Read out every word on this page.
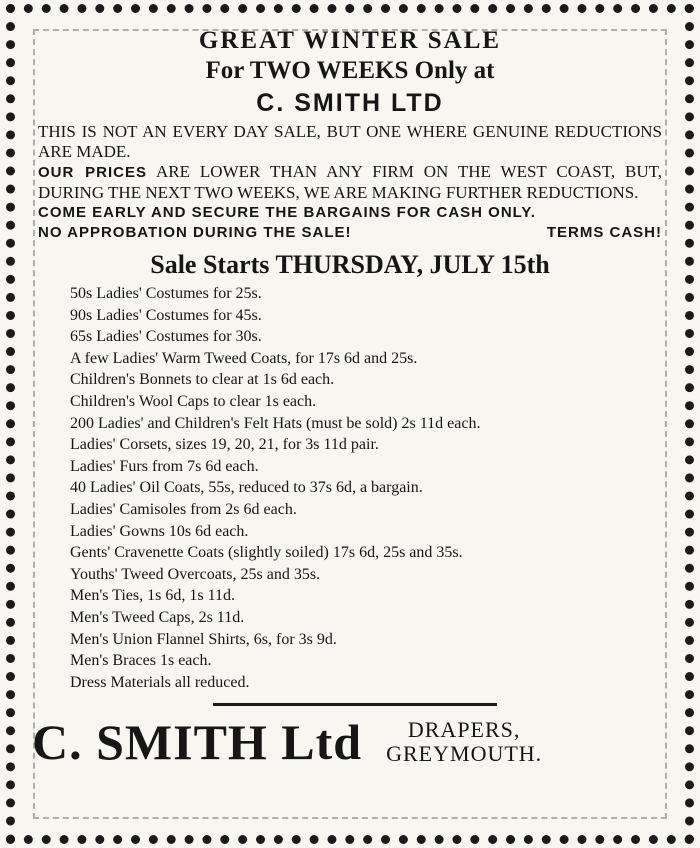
GREAT WINTER SALE

For TWO WEEKS Only at

C. SMITH LTD

THIS IS NOT AN EVERY DAY SALE, BUT ONE WHERE GENUINE REDUCTIONS ARE MADE.
OUR PRICES ARE LOWER THAN ANY FIRM ON THE WEST COAST, BUT, DURING THE NEXT TWO WEEKS, WE ARE MAKING FURTHER REDUCTIONS.
COME EARLY AND SECURE THE BARGAINS FOR CASH ONLY.
NO APPROBATION DURING THE SALE!	TERMS CASH!

Sale Starts THURSDAY, JULY 15th

50s Ladies' Costumes for 25s.
90s Ladies' Costumes for 45s.
65s Ladies' Costumes for 30s.
A few Ladies' Warm Tweed Coats, for 17s 6d and 25s.
Children's Bonnets to clear at 1s 6d each.
Children's Wool Caps to clear 1s each.
200 Ladies' and Children's Felt Hats (must be sold) 2s 11d each.
Ladies' Corsets, sizes 19, 20, 21, for 3s 11d pair.
Ladies' Furs from 7s 6d each.
40 Ladies' Oil Coats, 55s, reduced to 37s 6d, a bargain.
Ladies' Camisoles from 2s 6d each.
Ladies' Gowns 10s 6d each.
Gents' Cravenette Coats (slightly soiled) 17s 6d, 25s and 35s.
Youths' Tweed Overcoats, 25s and 35s.
Men's Ties, 1s 6d, 1s 11d.
Men's Tweed Caps, 2s 11d.
Men's Union Flannel Shirts, 6s, for 3s 9d.
Men's Braces 1s each.
Dress Materials all reduced.
C. SMITH Ltd	DRAPERS,
GREYMOUTH.
